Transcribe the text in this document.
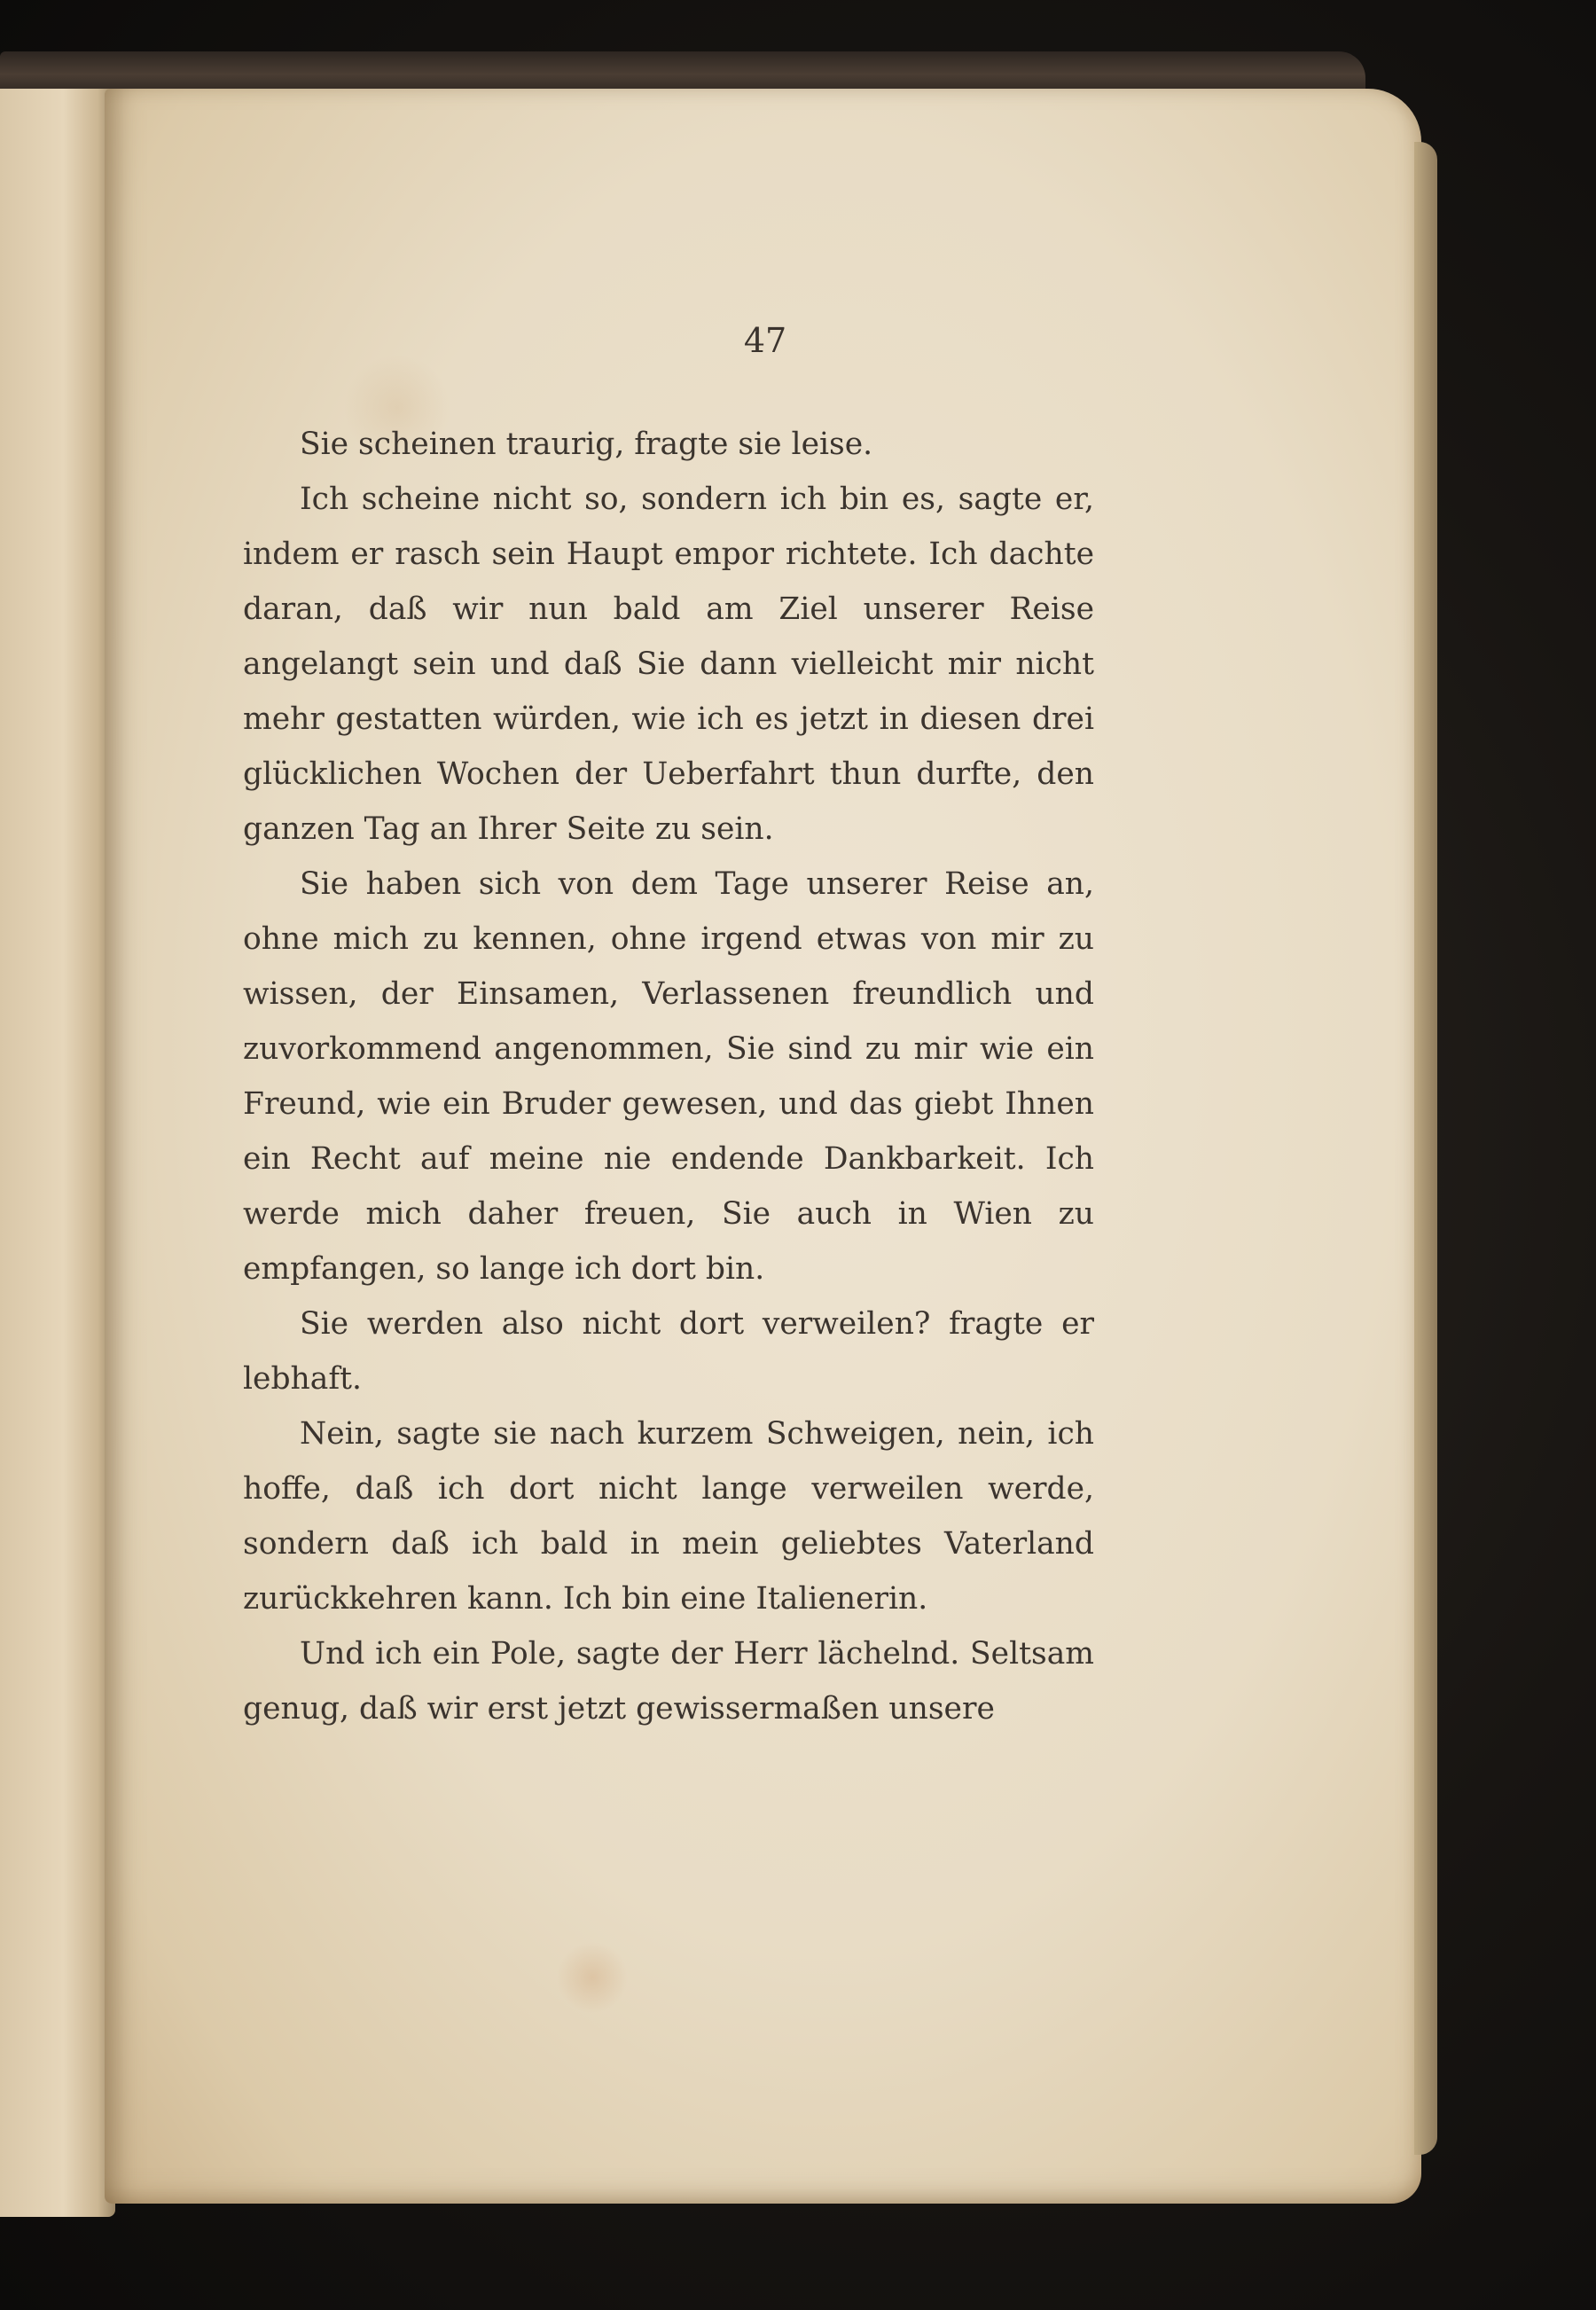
47

Sie scheinen traurig, fragte sie leise.

Ich scheine nicht so, sondern ich bin es, sagte er, indem er rasch sein Haupt empor richtete. Ich dachte daran, daß wir nun bald am Ziel unserer Reise angelangt sein und daß Sie dann vielleicht mir nicht mehr gestatten würden, wie ich es jetzt in diesen drei glücklichen Wochen der Ueberfahrt thun durfte, den ganzen Tag an Ihrer Seite zu sein.

Sie haben sich von dem Tage unserer Reise an, ohne mich zu kennen, ohne irgend etwas von mir zu wissen, der Einsamen, Verlassenen freundlich und zuvorkommend angenommen, Sie sind zu mir wie ein Freund, wie ein Bruder gewesen, und das giebt Ihnen ein Recht auf meine nie endende Dankbarkeit. Ich werde mich daher freuen, Sie auch in Wien zu empfangen, so lange ich dort bin.

Sie werden also nicht dort verweilen? fragte er lebhaft.

Nein, sagte sie nach kurzem Schweigen, nein, ich hoffe, daß ich dort nicht lange verweilen werde, sondern daß ich bald in mein geliebtes Vaterland zurückkehren kann. Ich bin eine Italienerin.

Und ich ein Pole, sagte der Herr lächelnd. Seltsam genug, daß wir erst jetzt gewissermaßen unsere
